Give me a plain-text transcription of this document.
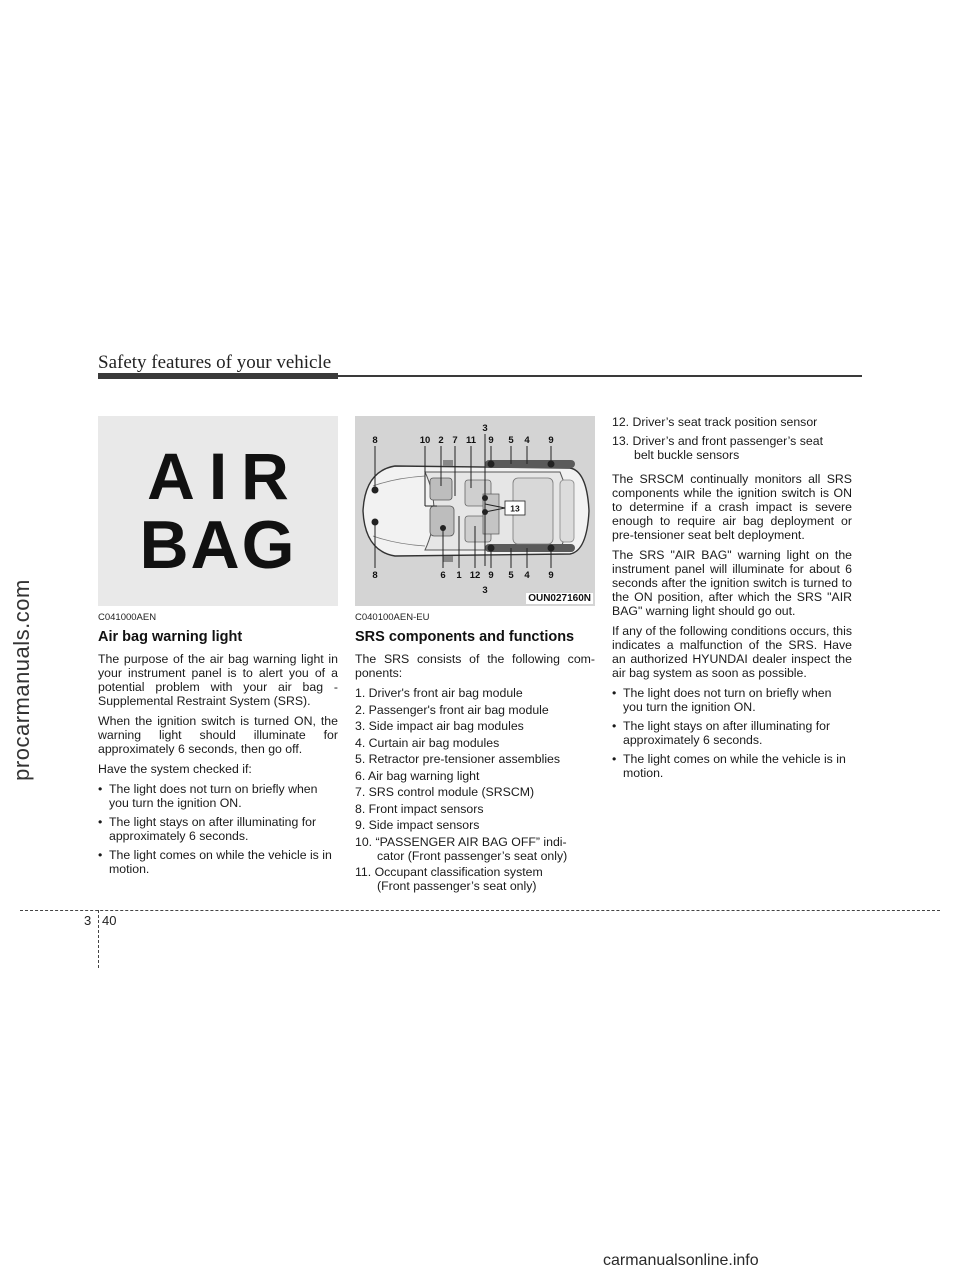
procarmanuals.com
Safety features of your vehicle
AIR
BAG
C041000AEN
Air bag warning light

The purpose of the air bag warning light in your instrument panel is to alert you of a potential problem with your air bag - Supplemental Restraint System (SRS).

When the ignition switch is turned ON, the warning light should illuminate for approximately 6 seconds, then go off.

Have the system checked if:

• The light does not turn on briefly when you turn the ignition ON.
• The light stays on after illuminating for approximately 6 seconds.
• The light comes on while the vehicle is in motion.
8	10 2 7 11 9 5 4 9
3
8	6 1 12 9 5 4 9
3
13
OUN027160N
C040100AEN-EU
SRS components and functions

The SRS consists of the following com-ponents:

1. Driver's front air bag module
2. Passenger's front air bag module
3. Side impact air bag modules
4. Curtain air bag modules
5. Retractor pre-tensioner assemblies
6. Air bag warning light
7. SRS control module (SRSCM)
8. Front impact sensors
9. Side impact sensors
10. “PASSENGER AIR BAG OFF” indi-
cator (Front passenger’s seat only)
11. Occupant classification system
(Front passenger’s seat only)
12. Driver’s seat track position sensor
13. Driver’s and front passenger’s seat
belt buckle sensors

The SRSCM continually monitors all SRS components while the ignition switch is ON to determine if a crash impact is severe enough to require air bag deployment or pre-tensioner seat belt deployment.

The SRS "AIR BAG" warning light on the instrument panel will illuminate for about 6 seconds after the ignition switch is turned to the ON position, after which the SRS "AIR BAG" warning light should go out.

If any of the following conditions occurs, this indicates a malfunction of the SRS. Have an authorized HYUNDAI dealer inspect the air bag system as soon as possible.

• The light does not turn on briefly when you turn the ignition ON.
• The light stays on after illuminating for approximately 6 seconds.
• The light comes on while the vehicle is in motion.
3 40
carmanualsonline.info
